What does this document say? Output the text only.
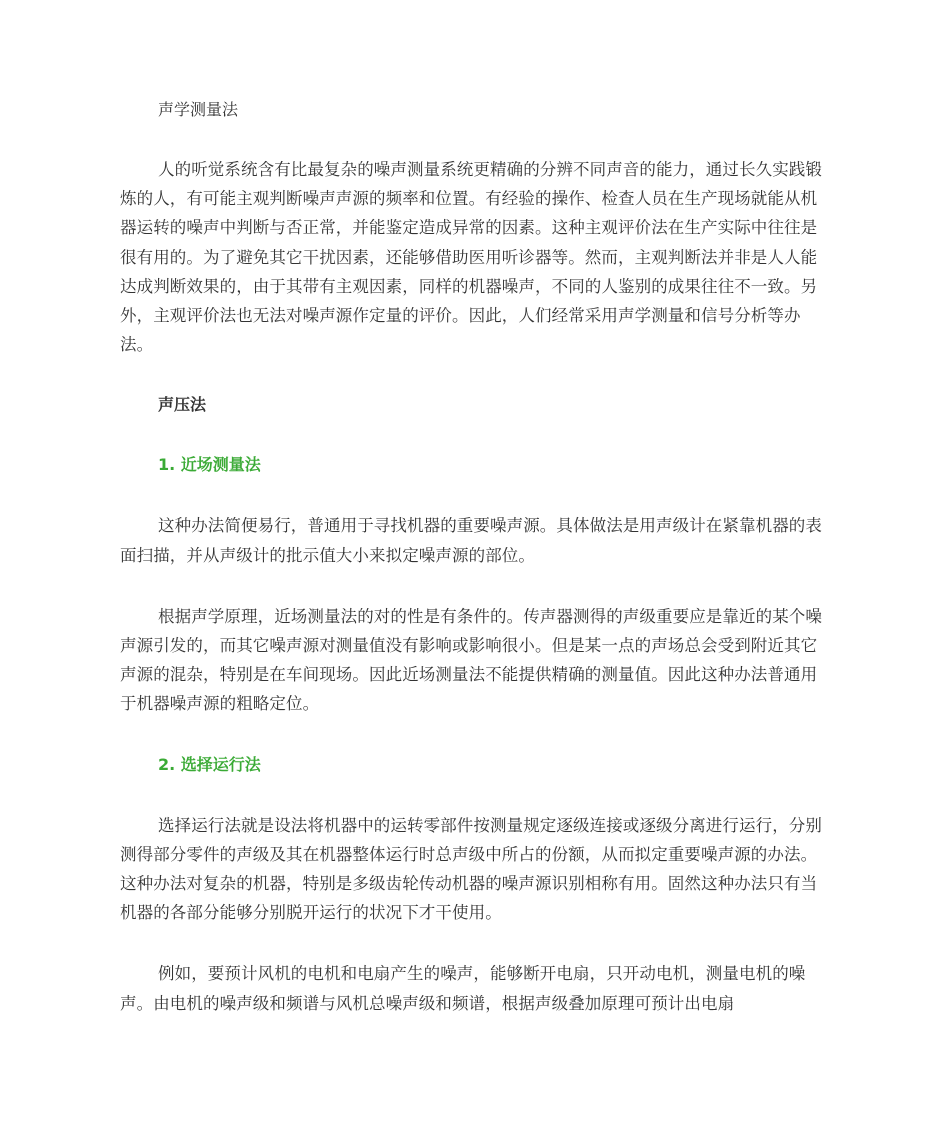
声学测量法

人的听觉系统含有比最复杂的噪声测量系统更精确的分辨不同声音的能力，通过长久实践锻炼的人，有可能主观判断噪声声源的频率和位置。有经验的操作、检查人员在生产现场就能从机器运转的噪声中判断与否正常，并能鉴定造成异常的因素。这种主观评价法在生产实际中往往是很有用的。为了避免其它干扰因素，还能够借助医用听诊器等。然而，主观判断法并非是人人能达成判断效果的，由于其带有主观因素，同样的机器噪声，不同的人鉴别的成果往往不一致。另外，主观评价法也无法对噪声源作定量的评价。因此，人们经常采用声学测量和信号分析等办法。

声压法

1. 近场测量法

这种办法简便易行，普通用于寻找机器的重要噪声源。具体做法是用声级计在紧靠机器的表面扫描，并从声级计的批示值大小来拟定噪声源的部位。

根据声学原理，近场测量法的对的性是有条件的。传声器测得的声级重要应是靠近的某个噪声源引发的，而其它噪声源对测量值没有影响或影响很小。但是某一点的声场总会受到附近其它声源的混杂，特别是在车间现场。因此近场测量法不能提供精确的测量值。因此这种办法普通用于机器噪声源的粗略定位。

2. 选择运行法

选择运行法就是设法将机器中的运转零部件按测量规定逐级连接或逐级分离进行运行，分别测得部分零件的声级及其在机器整体运行时总声级中所占的份额，从而拟定重要噪声源的办法。这种办法对复杂的机器，特别是多级齿轮传动机器的噪声源识别相称有用。固然这种办法只有当机器的各部分能够分别脱开运行的状况下才干使用。

例如，要预计风机的电机和电扇产生的噪声，能够断开电扇，只开动电机，测量电机的噪声。由电机的噪声级和频谱与风机总噪声级和频谱，根据声级叠加原理可预计出电扇
